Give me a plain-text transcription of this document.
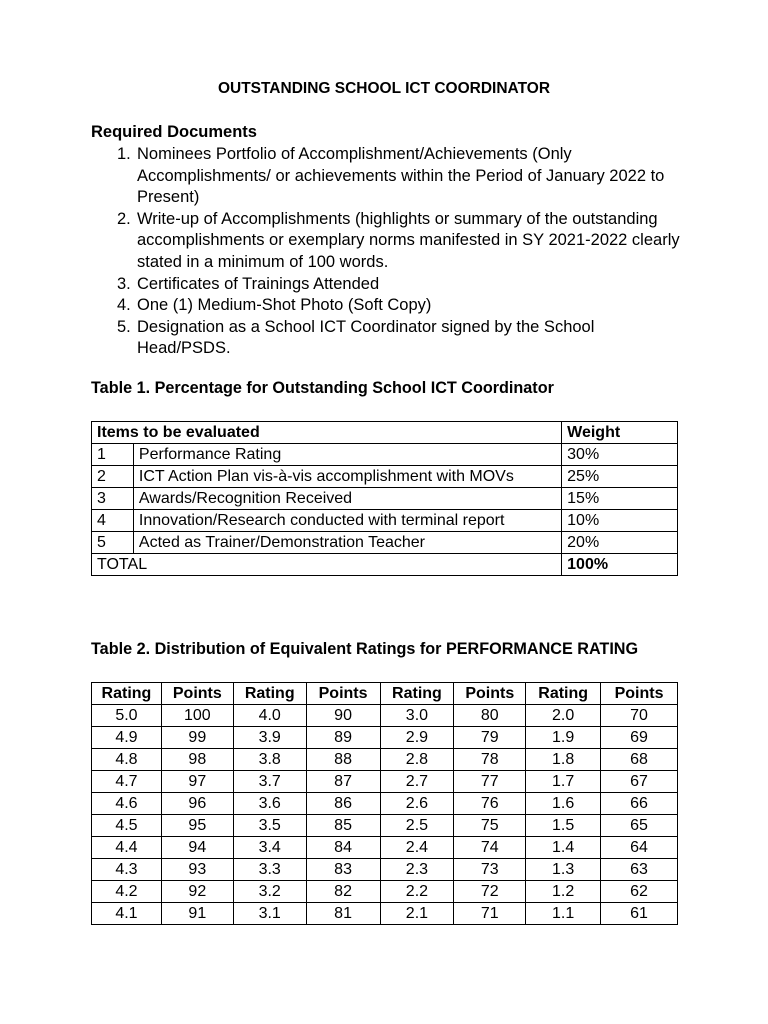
OUTSTANDING SCHOOL ICT COORDINATOR
Required Documents
1. Nominees Portfolio of Accomplishment/Achievements (Only Accomplishments/ or achievements within the Period of January 2022 to Present)
2. Write-up of Accomplishments (highlights or summary of the outstanding accomplishments or exemplary norms manifested in SY 2021-2022 clearly stated in a minimum of 100 words.
3. Certificates of Trainings Attended
4. One (1) Medium-Shot Photo (Soft Copy)
5. Designation as a School ICT Coordinator signed by the School Head/PSDS.
Table 1. Percentage for Outstanding School ICT Coordinator
Items to be evaluated		Weight
1	Performance Rating	30%
2	ICT Action Plan vis-à-vis accomplishment with MOVs	25%
3	Awards/Recognition Received	15%
4	Innovation/Research conducted with terminal report	10%
5	Acted as Trainer/Demonstration Teacher	20%
TOTAL		100%
Table 2. Distribution of Equivalent Ratings for PERFORMANCE RATING
Rating	Points	Rating	Points	Rating	Points	Rating	Points
5.0	100	4.0	90	3.0	80	2.0	70
4.9	99	3.9	89	2.9	79	1.9	69
4.8	98	3.8	88	2.8	78	1.8	68
4.7	97	3.7	87	2.7	77	1.7	67
4.6	96	3.6	86	2.6	76	1.6	66
4.5	95	3.5	85	2.5	75	1.5	65
4.4	94	3.4	84	2.4	74	1.4	64
4.3	93	3.3	83	2.3	73	1.3	63
4.2	92	3.2	82	2.2	72	1.2	62
4.1	91	3.1	81	2.1	71	1.1	61
